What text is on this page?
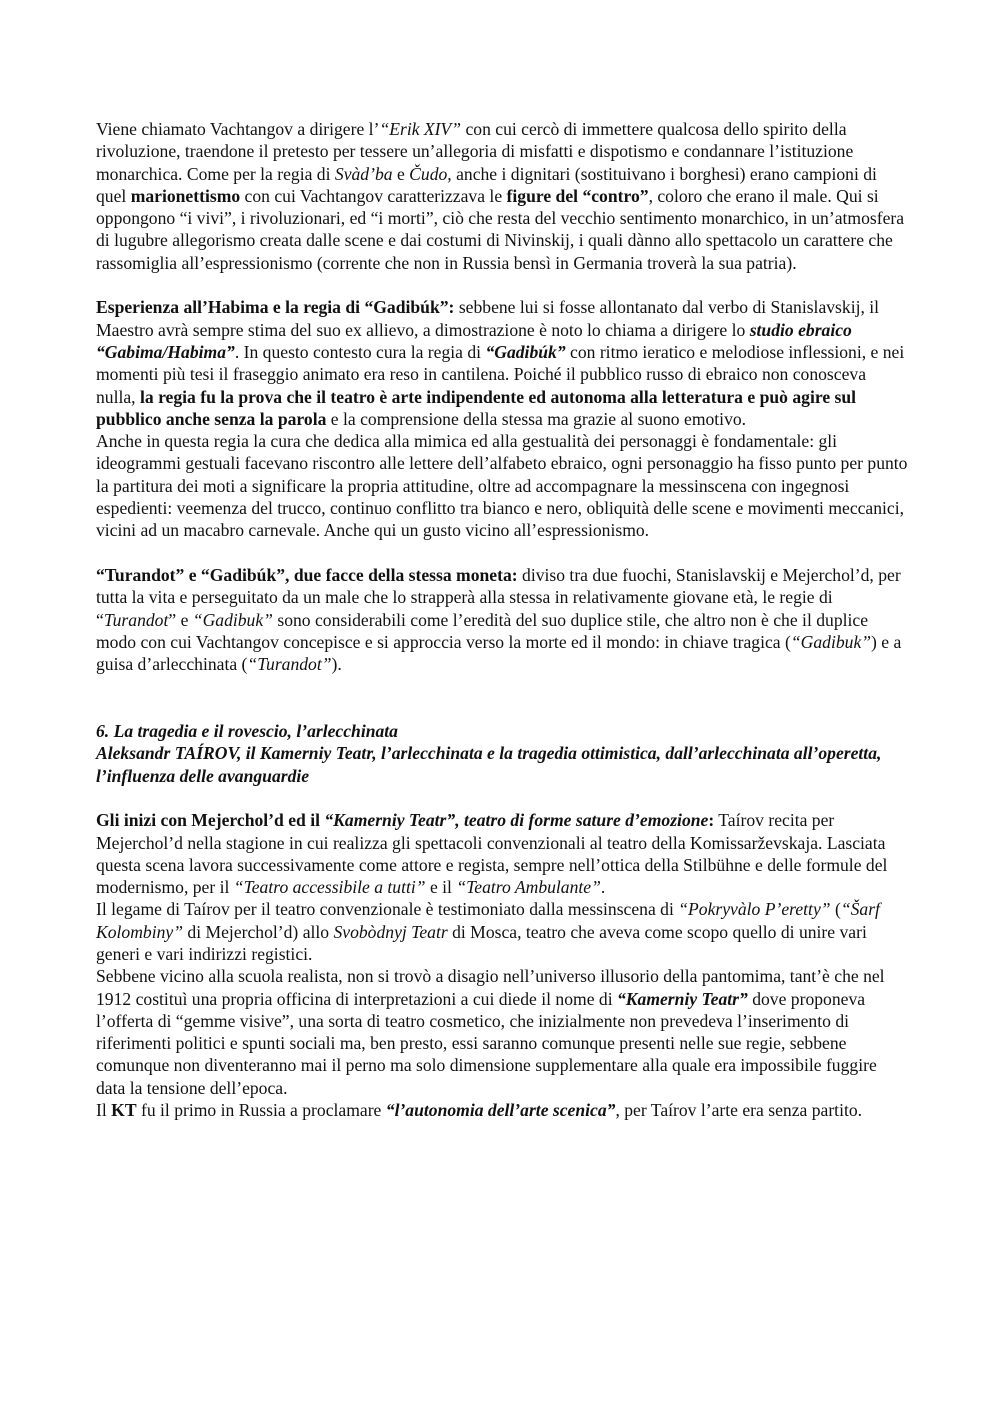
· · · · · ·

Viene chiamato Vachtangov a dirigere l’“Erik XIV” con cui cercò di immettere qualcosa dello spirito della rivoluzione, traendone il pretesto per tessere un’allegoria di misfatti e dispotismo e condannare l’istituzione monarchica. Come per la regia di Svàd’ba e Čudo, anche i dignitari (sostituivano i borghesi) erano campioni di quel marionettismo con cui Vachtangov caratterizzava le figure del “contro”, coloro che erano il male. Qui si oppongono “i vivi”, i rivoluzionari, ed “i morti”, ciò che resta del vecchio sentimento monarchico, in un’atmosfera di lugubre allegorismo creata dalle scene e dai costumi di Nivinskij, i quali dànno allo spettacolo un carattere che rassomiglia all’espressionismo (corrente che non in Russia bensì in Germania troverà la sua patria).

Esperienza all’Habima e la regia di “Gadibúk”: sebbene lui si fosse allontanato dal verbo di Stanislavskij, il Maestro avrà sempre stima del suo ex allievo, a dimostrazione è noto lo chiama a dirigere lo studio ebraico “Gabima/Habima”. In questo contesto cura la regia di “Gadibúk” con ritmo ieratico e melodiose inflessioni, e nei momenti più tesi il fraseggio animato era reso in cantilena. Poiché il pubblico russo di ebraico non conosceva nulla, la regia fu la prova che il teatro è arte indipendente ed autonoma alla letteratura e può agire sul pubblico anche senza la parola e la comprensione della stessa ma grazie al suono emotivo.

Anche in questa regia la cura che dedica alla mimica ed alla gestualità dei personaggi è fondamentale: gli ideogrammi gestuali facevano riscontro alle lettere dell’alfabeto ebraico, ogni personaggio ha fisso punto per punto la partitura dei moti a significare la propria attitudine, oltre ad accompagnare la messinscena con ingegnosi espedienti: veemenza del trucco, continuo conflitto tra bianco e nero, obliquità delle scene e movimenti meccanici, vicini ad un macabro carnevale. Anche qui un gusto vicino all’espressionismo.

“Turandot” e “Gadibúk”, due facce della stessa moneta: diviso tra due fuochi, Stanislavskij e Mejerchol’d, per tutta la vita e perseguitato da un male che lo strapperà alla stessa in relativamente giovane età, le regie di “Turandot” e “Gadibuk” sono considerabili come l’eredità del suo duplice stile, che altro non è che il duplice modo con cui Vachtangov concepisce e si approccia verso la morte ed il mondo: in chiave tragica (“Gadibuk”) e a guisa d’arlecchinata (“Turandot”).

6. La tragedia e il rovescio, l’arlecchinata

Aleksandr TAÍROV, il Kamerniy Teatr, l’arlecchinata e la tragedia ottimistica, dall’arlecchinata all’operetta, l’influenza delle avanguardie

Gli inizi con Mejerchol’d ed il “Kamerniy Teatr”, teatro di forme sature d’emozione: Taírov recita per Mejerchol’d nella stagione in cui realizza gli spettacoli convenzionali al teatro della Komissarževskaja. Lasciata questa scena lavora successivamente come attore e regista, sempre nell’ottica della Stilbühne e delle formule del modernismo, per il “Teatro accessibile a tutti” e il “Teatro Ambulante”.

Il legame di Taírov per il teatro convenzionale è testimoniato dalla messinscena di “Pokryvàlo P’eretty” (“Šarf Kolombiny” di Mejerchol’d) allo Svobòdnyj Teatr di Mosca, teatro che aveva come scopo quello di unire vari generi e vari indirizzi registici.

Sebbene vicino alla scuola realista, non si trovò a disagio nell’universo illusorio della pantomima, tant’è che nel 1912 costituì una propria officina di interpretazioni a cui diede il nome di “Kamerniy Teatr” dove proponeva l’offerta di “gemme visive”, una sorta di teatro cosmetico, che inizialmente non prevedeva l’inserimento di riferimenti politici e spunti sociali ma, ben presto, essi saranno comunque presenti nelle sue regie, sebbene comunque non diventeranno mai il perno ma solo dimensione supplementare alla quale era impossibile fuggire data la tensione dell’epoca.

Il KT fu il primo in Russia a proclamare “l’autonomia dell’arte scenica”, per Taírov l’arte era senza partito.
